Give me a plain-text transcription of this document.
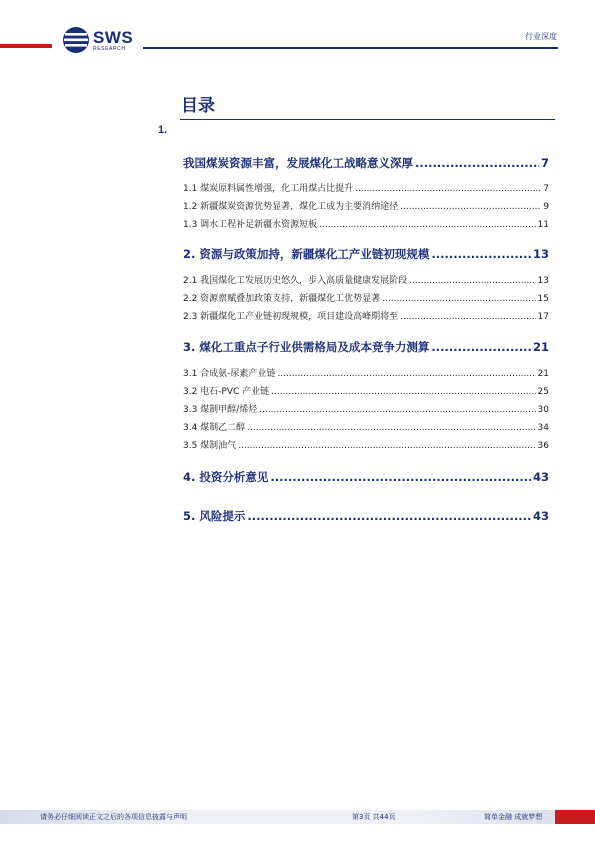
SWS
RESEARCH
行业深度
目录
1.
我国煤炭资源丰富，发展煤化工战略意义深厚 .....	7
1.1 煤炭原料属性增强，化工用煤占比提升 .....	7
1.2 新疆煤炭资源优势显著，煤化工成为主要消纳途径 .....	9
1.3 调水工程补足新疆水资源短板 .....	11
2. 资源与政策加持，新疆煤化工产业链初现规模 .....	13
2.1 我国煤化工发展历史悠久，步入高质量健康发展阶段 .....	13
2.2 资源禀赋叠加政策支持，新疆煤化工优势显著 .....	15
2.3 新疆煤化工产业链初现规模，项目建设高峰期将至 .....	17
3. 煤化工重点子行业供需格局及成本竞争力测算 .....	21
3.1 合成氨-尿素产业链 .....	21
3.2 电石-PVC 产业链 .....	25
3.3 煤制甲醇/烯烃 .....	30
3.4 煤制乙二醇 .....	34
3.5 煤制油气 .....	36
4. 投资分析意见 .....	43
5. 风险提示 .....	43
请务必仔细阅读正文之后的各项信息披露与声明	第3页 共44页	简单金融 成就梦想
